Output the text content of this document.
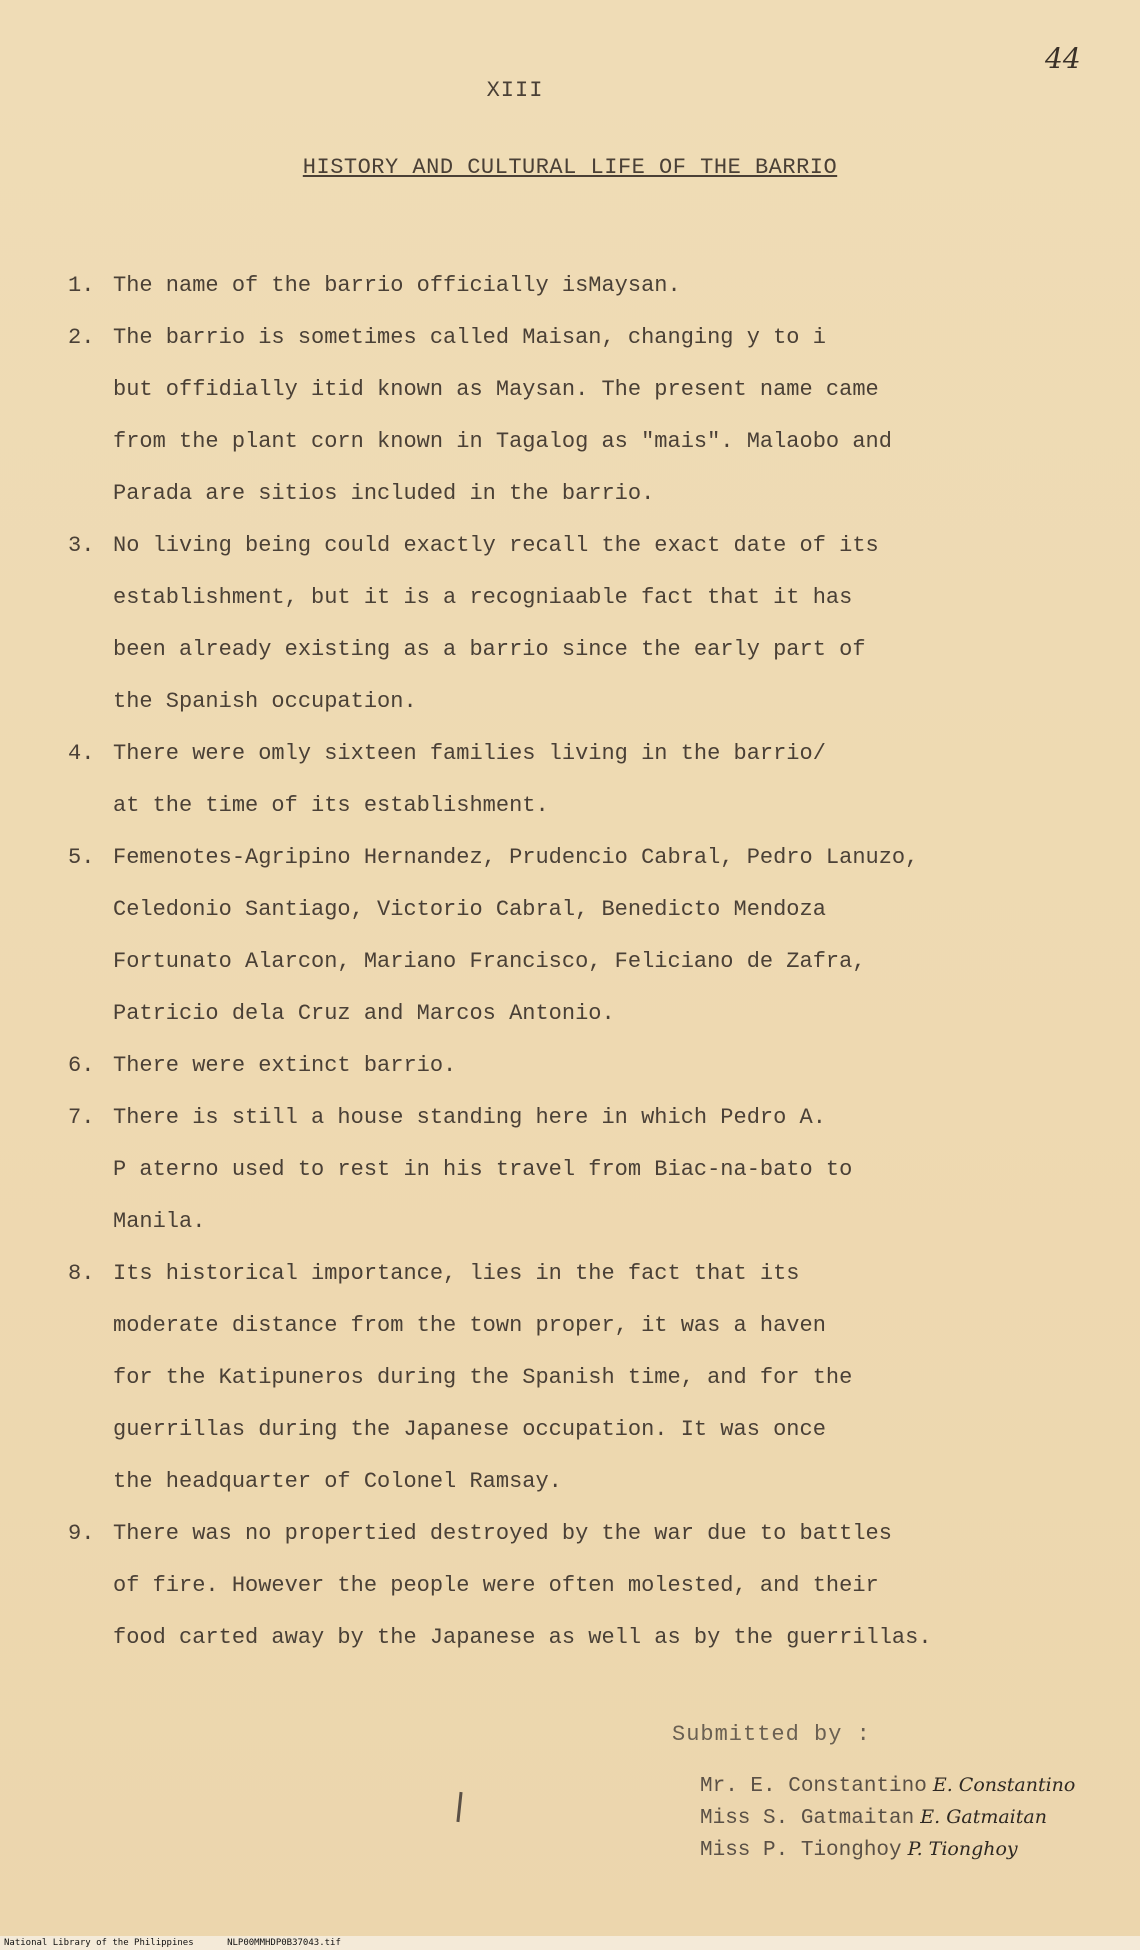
44
XIII
HISTORY AND CULTURAL LIFE OF THE BARRIO
1. The name of the barrio officially isMaysan.
2. The barrio is sometimes called Maisan, changing y to i
but offidially itid known as Maysan. The present name came
from the plant corn known in Tagalog as "mais". Malaobo and
Parada are sitios included in the barrio.
3. No living being could exactly recall the exact date of its
establishment, but it is a recogniaable fact that it has
been already existing as a barrio since the early part of
the Spanish occupation.
4. There were omly sixteen families living in the barrio/
at the time of its establishment.
5. Femenotes-Agripino Hernandez, Prudencio Cabral, Pedro Lanuzo,
Celedonio Santiago, Victorio Cabral, Benedicto Mendoza
Fortunato Alarcon, Mariano Francisco, Feliciano de Zafra,
Patricio dela Cruz and Marcos Antonio.
6. There were extinct barrio.
7. There is still a house standing here in which Pedro A.
P aterno used to rest in his travel from Biac-na-bato to
Manila.
8. Its historical importance, lies in the fact that its
moderate distance from the town proper, it was a haven
for the Katipuneros during the Spanish time, and for the
guerrillas during the Japanese occupation. It was once
the headquarter of Colonel Ramsay.
9. There was no propertied destroyed by the war due to battles
of fire. However the people were often molested, and their
food carted away by the Japanese as well as by the guerrillas.
Submitted by :
Mr. E. Constantino E. Constantino
Miss S. Gatmaitan E. Gatmaitan
Miss P. Tionghoy P. Tionghoy
National Library of the Philippines	NLP00MMHDP0B37043.tif
